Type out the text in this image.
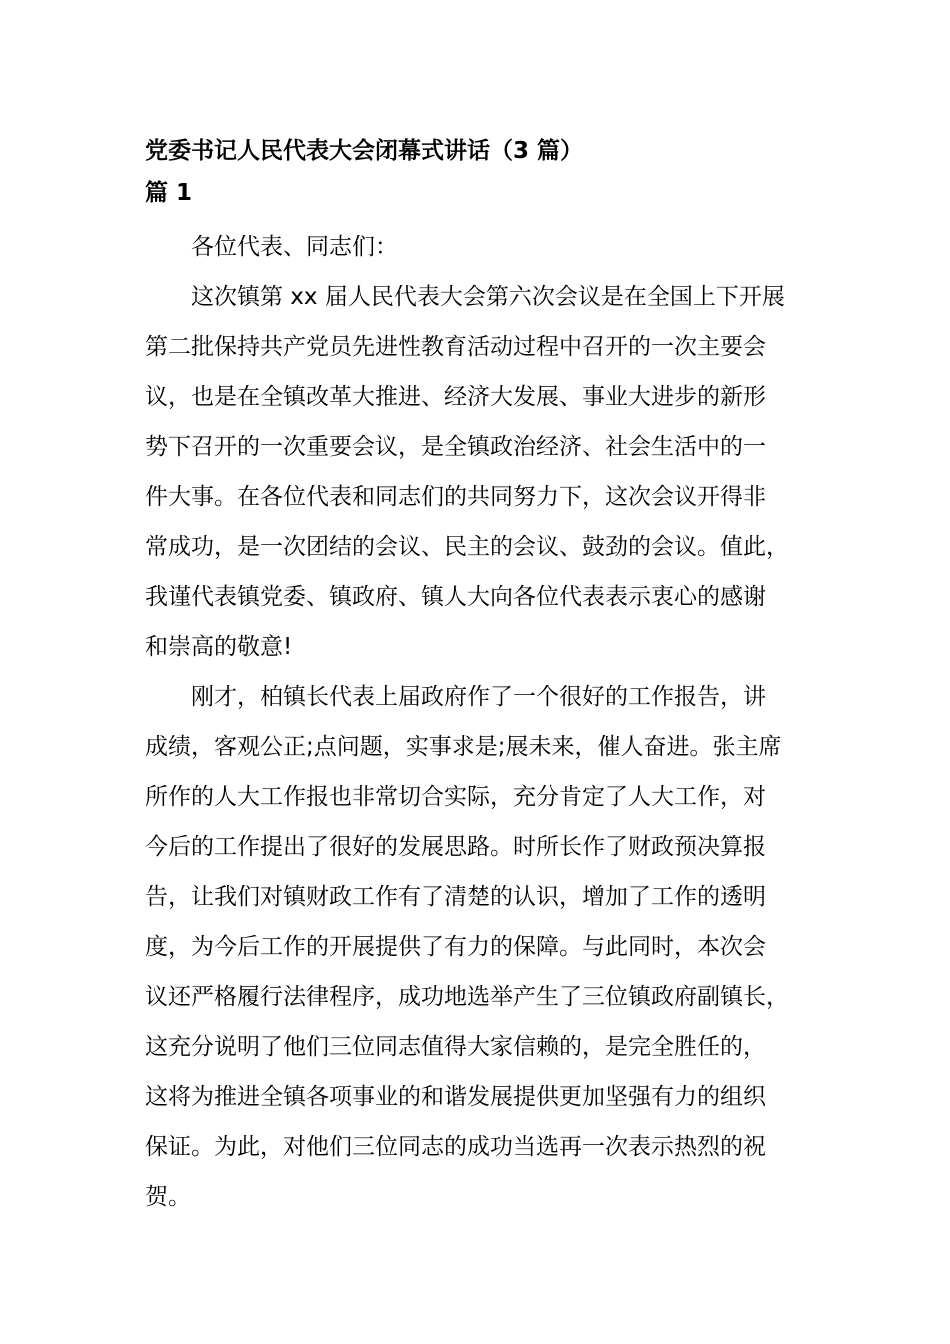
党委书记人民代表大会闭幕式讲话（3 篇）
篇 1

各位代表、同志们：

这次镇第 xx 届人民代表大会第六次会议是在全国上下开展
第二批保持共产党员先进性教育活动过程中召开的一次主要会
议，也是在全镇改革大推进、经济大发展、事业大进步的新形
势下召开的一次重要会议，是全镇政治经济、社会生活中的一
件大事。在各位代表和同志们的共同努力下，这次会议开得非
常成功，是一次团结的会议、民主的会议、鼓劲的会议。值此，
我谨代表镇党委、镇政府、镇人大向各位代表表示衷心的感谢
和崇高的敬意!

刚才，柏镇长代表上届政府作了一个很好的工作报告，讲
成绩，客观公正;点问题，实事求是;展未来，催人奋进。张主席
所作的人大工作报也非常切合实际，充分肯定了人大工作，对
今后的工作提出了很好的发展思路。时所长作了财政预决算报
告，让我们对镇财政工作有了清楚的认识，增加了工作的透明
度，为今后工作的开展提供了有力的保障。与此同时，本次会
议还严格履行法律程序，成功地选举产生了三位镇政府副镇长，
这充分说明了他们三位同志值得大家信赖的，是完全胜任的，
这将为推进全镇各项事业的和谐发展提供更加坚强有力的组织
保证。为此，对他们三位同志的成功当选再一次表示热烈的祝
贺。
